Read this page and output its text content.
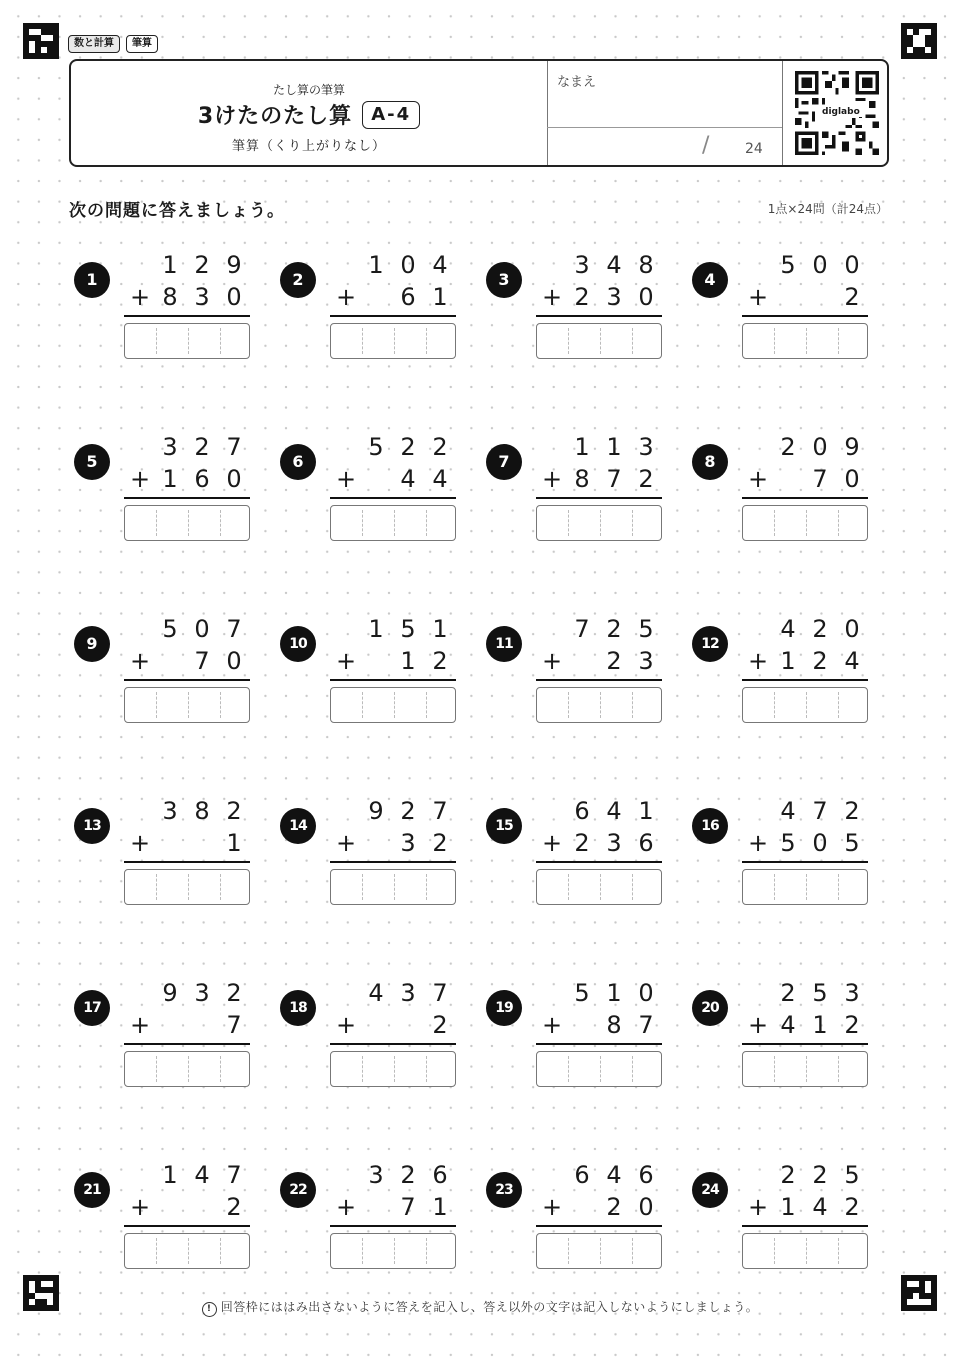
数と計算	筆算
たし算の筆算
3けたのたし算	A-4
筆算（くり上がりなし）
なまえ
/	24
diglabo
次の問題に答えましょう。	1点×24問（計24点）
1
1 2 9
+ 8 3 0
2
1 0 4
+ 6 1
3
3 4 8
+ 2 3 0
4
5 0 0
+	2
5
3 2 7
+ 1 6 0
6
5 2 2
+ 4 4
7
1 1 3
+ 8 7 2
8
2 0 9
+ 7 0
9
5 0 7
+ 7 0
10
1 5 1
+ 1 2
11
7 2 5
+ 2 3
12
4 2 0
+ 1 2 4
13
3 8 2
+	1
14
9 2 7
+ 3 2
15
6 4 1
+ 2 3 6
16
4 7 2
+ 5 0 5
17
9 3 2
+	7
18
4 3 7
+	2
19
5 1 0
+ 8 7
20
2 5 3
+ 4 1 2
21
1 4 7
+	2
22
3 2 6
+ 7 1
23
6 4 6
+ 2 0
24
2 2 5
+ 1 4 2
! 回答枠にははみ出さないように答えを記入し、答え以外の文字は記入しないようにしましょう。
